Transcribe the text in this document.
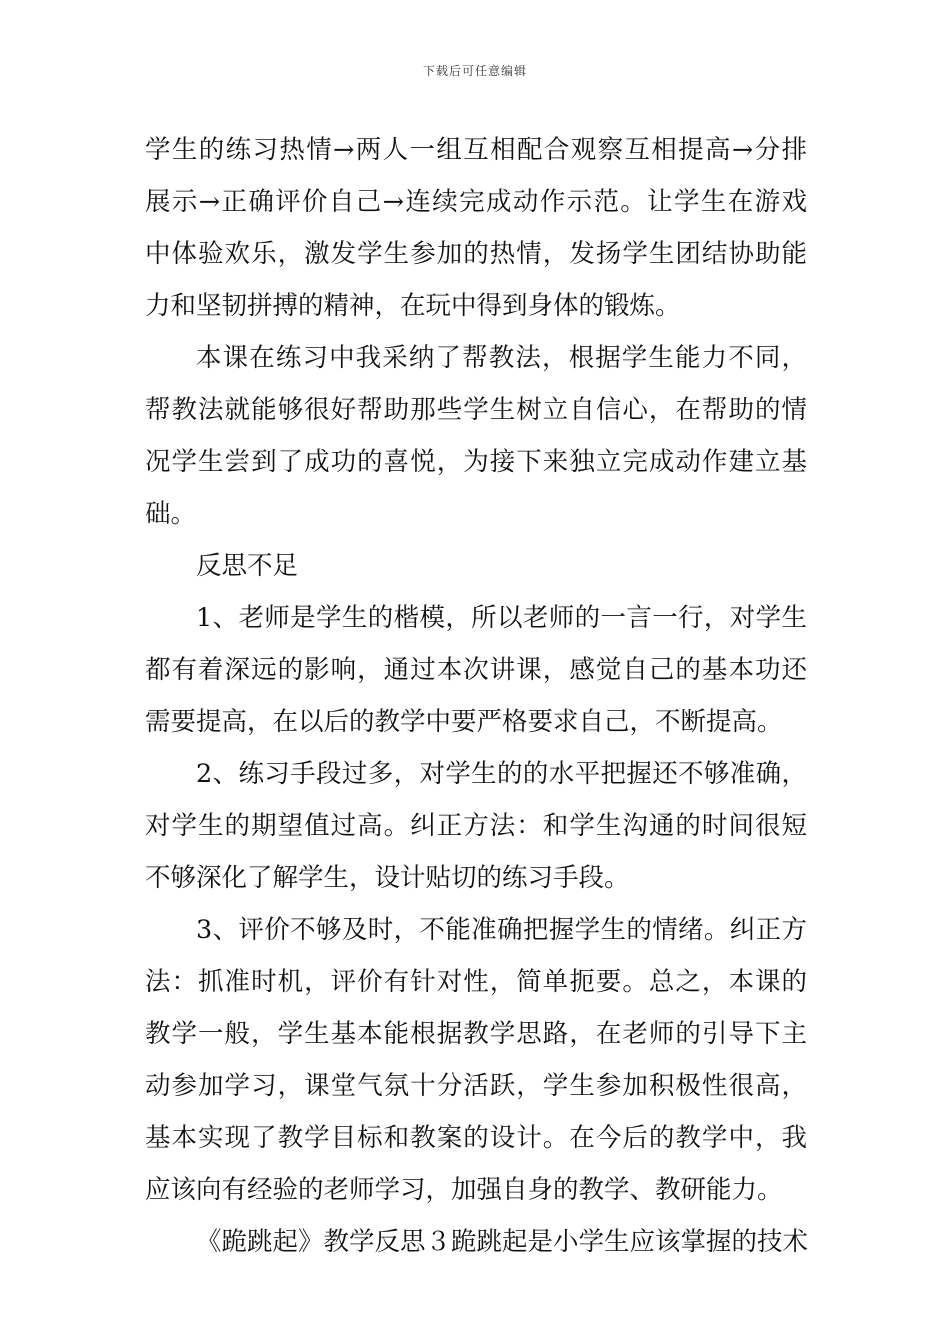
下载后可任意编辑
学生的练习热情→两人一组互相配合观察互相提高→分排
展示→正确评价自己→连续完成动作示范。让学生在游戏
中体验欢乐，激发学生参加的热情，发扬学生团结协助能
力和坚韧拼搏的精神，在玩中得到身体的锻炼。
本课在练习中我采纳了帮教法，根据学生能力不同，
帮教法就能够很好帮助那些学生树立自信心，在帮助的情
况学生尝到了成功的喜悦，为接下来独立完成动作建立基
础。
反思不足
1、老师是学生的楷模，所以老师的一言一行，对学生
都有着深远的影响，通过本次讲课，感觉自己的基本功还
需要提高，在以后的教学中要严格要求自己，不断提高。
2、练习手段过多，对学生的的水平把握还不够准确，
对学生的期望值过高。纠正方法：和学生沟通的时间很短
不够深化了解学生，设计贴切的练习手段。
3、评价不够及时，不能准确把握学生的情绪。纠正方
法：抓准时机，评价有针对性，简单扼要。总之，本课的
教学一般，学生基本能根据教学思路，在老师的引导下主
动参加学习，课堂气氛十分活跃，学生参加积极性很高，
基本实现了教学目标和教案的设计。在今后的教学中，我
应该向有经验的老师学习，加强自身的教学、教研能力。
《跪跳起》教学反思３跪跳起是小学生应该掌握的技术
